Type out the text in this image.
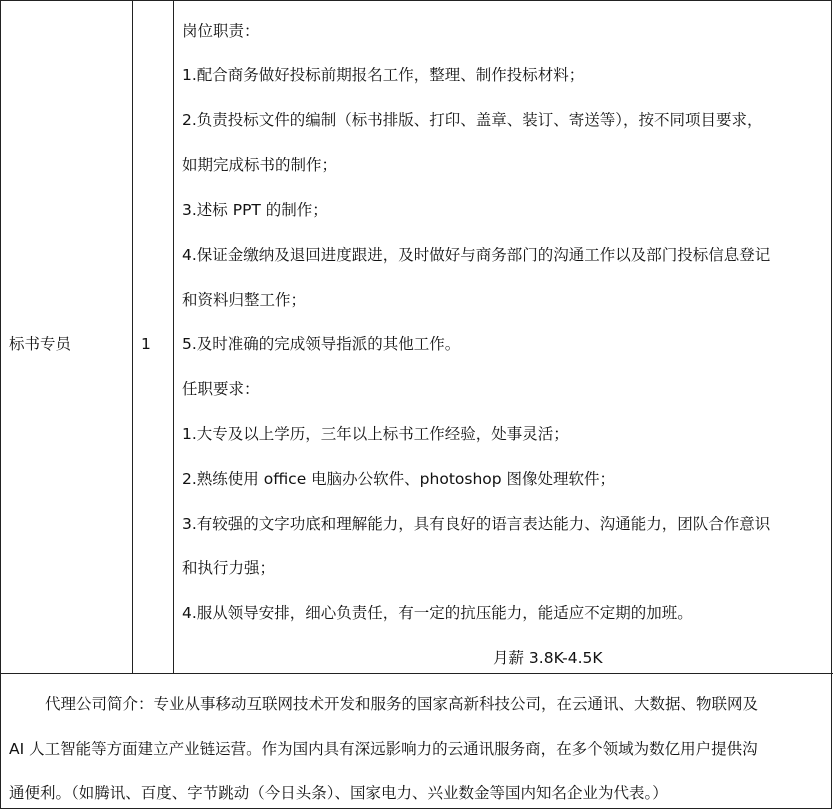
标书专员	1
岗位职责：
1.配合商务做好投标前期报名工作，整理、制作投标材料；
2.负责投标文件的编制（标书排版、打印、盖章、装订、寄送等），按不同项目要求，
如期完成标书的制作；
3.述标 PPT 的制作；
4.保证金缴纳及退回进度跟进，及时做好与商务部门的沟通工作以及部门投标信息登记
和资料归整工作；
5.及时准确的完成领导指派的其他工作。
任职要求：
1.大专及以上学历，三年以上标书工作经验，处事灵活；
2.熟练使用 office 电脑办公软件、photoshop 图像处理软件；
3.有较强的文字功底和理解能力，具有良好的语言表达能力、沟通能力，团队合作意识
和执行力强；
4.服从领导安排，细心负责任，有一定的抗压能力，能适应不定期的加班。
月薪 3.8K-4.5K
代理公司简介：专业从事移动互联网技术开发和服务的国家高新科技公司，在云通讯、大数据、物联网及
AI 人工智能等方面建立产业链运营。作为国内具有深远影响力的云通讯服务商，在多个领域为数亿用户提供沟
通便利。（如腾讯、百度、字节跳动（今日头条）、国家电力、兴业数金等国内知名企业为代表。）
